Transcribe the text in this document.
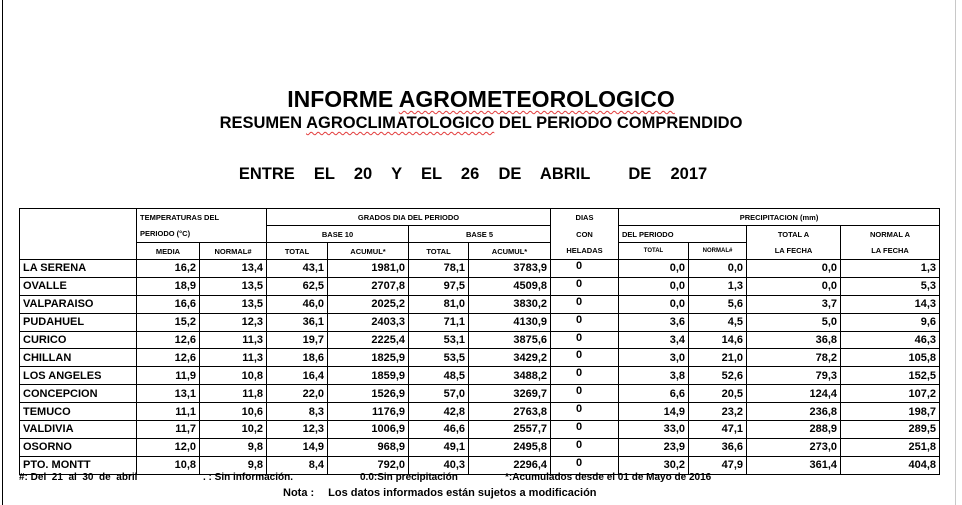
INFORME AGROMETEOROLOGICO
RESUMEN AGROCLIMATOLOGICO DEL PERIODO COMPRENDIDO
ENTRE  EL  20  Y  EL  26  DE  ABRIL    DE  2017
	TEMPERATURAS DEL		GRADOS DIA DEL PERIODO				DIAS	PRECIPITACION (mm)			
	PERIODO (°C)		BASE 10		BASE 5		CON	DEL PERIODO		TOTAL A	NORMAL A
	MEDIA	NORMAL#	TOTAL	ACUMUL*	TOTAL	ACUMUL*	HELADAS	TOTAL	NORMAL#	LA FECHA	LA FECHA
LA SERENA	16,2	13,4	43,1	1981,0	78,1	3783,9	0	0,0	0,0	0,0	1,3
OVALLE	18,9	13,5	62,5	2707,8	97,5	4509,8	0	0,0	1,3	0,0	5,3
VALPARAISO	16,6	13,5	46,0	2025,2	81,0	3830,2	0	0,0	5,6	3,7	14,3
PUDAHUEL	15,2	12,3	36,1	2403,3	71,1	4130,9	0	3,6	4,5	5,0	9,6
CURICO	12,6	11,3	19,7	2225,4	53,1	3875,6	0	3,4	14,6	36,8	46,3
CHILLAN	12,6	11,3	18,6	1825,9	53,5	3429,2	0	3,0	21,0	78,2	105,8
LOS ANGELES	11,9	10,8	16,4	1859,9	48,5	3488,2	0	3,8	52,6	79,3	152,5
CONCEPCION	13,1	11,8	22,0	1526,9	57,0	3269,7	0	6,6	20,5	124,4	107,2
TEMUCO	11,1	10,6	8,3	1176,9	42,8	2763,8	0	14,9	23,2	236,8	198,7
VALDIVIA	11,7	10,2	12,3	1006,9	46,6	2557,7	0	33,0	47,1	288,9	289,5
OSORNO	12,0	9,8	14,9	968,9	49,1	2495,8	0	23,9	36,6	273,0	251,8
PTO. MONTT	10,8	9,8	8,4	792,0	40,3	2296,4	0	30,2	47,9	361,4	404,8
#: Del  21  al  30  de  abril	. : Sin información.	0.0:Sin precipitación	*:Acumulados desde el 01 de Mayo de 2016
Nota : Los datos informados están sujetos a modificación
